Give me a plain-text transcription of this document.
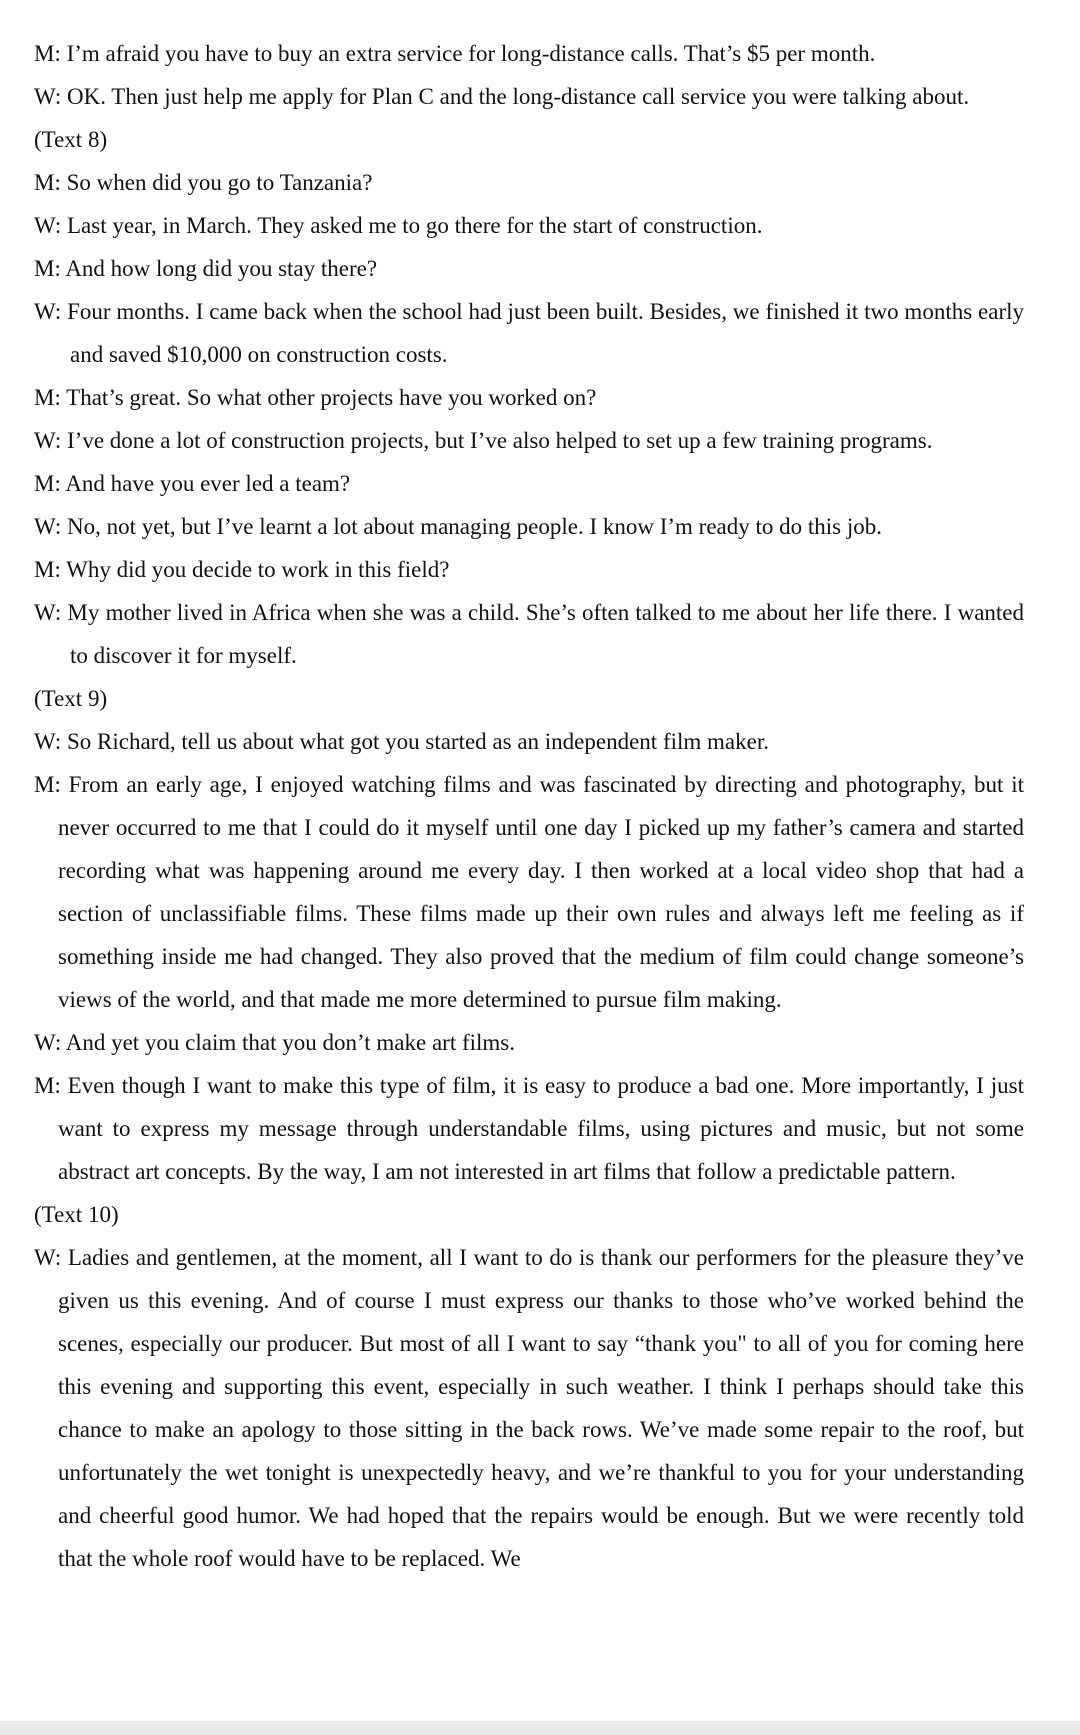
M: I’m afraid you have to buy an extra service for long-distance calls. That’s $5 per month.

W: OK. Then just help me apply for Plan C and the long-distance call service you were talking about.

(Text 8)

M: So when did you go to Tanzania?

W: Last year, in March. They asked me to go there for the start of construction.

M: And how long did you stay there?

W: Four months. I came back when the school had just been built. Besides, we finished it two months early and saved $10,000 on construction costs.

M: That’s great. So what other projects have you worked on?

W: I’ve done a lot of construction projects, but I’ve also helped to set up a few training programs.

M: And have you ever led a team?

W: No, not yet, but I’ve learnt a lot about managing people. I know I’m ready to do this job.

M: Why did you decide to work in this field?

W: My mother lived in Africa when she was a child. She’s often talked to me about her life there. I wanted to discover it for myself.

(Text 9)

W: So Richard, tell us about what got you started as an independent film maker.

M: From an early age, I enjoyed watching films and was fascinated by directing and photography, but it never occurred to me that I could do it myself until one day I picked up my father’s camera and started recording what was happening around me every day. I then worked at a local video shop that had a section of unclassifiable films. These films made up their own rules and always left me feeling as if something inside me had changed. They also proved that the medium of film could change someone’s views of the world, and that made me more determined to pursue film making.

W: And yet you claim that you don’t make art films.

M: Even though I want to make this type of film, it is easy to produce a bad one. More importantly, I just want to express my message through understandable films, using pictures and music, but not some abstract art concepts. By the way, I am not interested in art films that follow a predictable pattern.

(Text 10)

W: Ladies and gentlemen, at the moment, all I want to do is thank our performers for the pleasure they’ve given us this evening. And of course I must express our thanks to those who’ve worked behind the scenes, especially our producer. But most of all I want to say “thank you" to all of you for coming here this evening and supporting this event, especially in such weather. I think I perhaps should take this chance to make an apology to those sitting in the back rows. We’ve made some repair to the roof, but unfortunately the wet tonight is unexpectedly heavy, and we’re thankful to you for your understanding and cheerful good humor. We had hoped that the repairs would be enough. But we were recently told that the whole roof would have to be replaced. We
